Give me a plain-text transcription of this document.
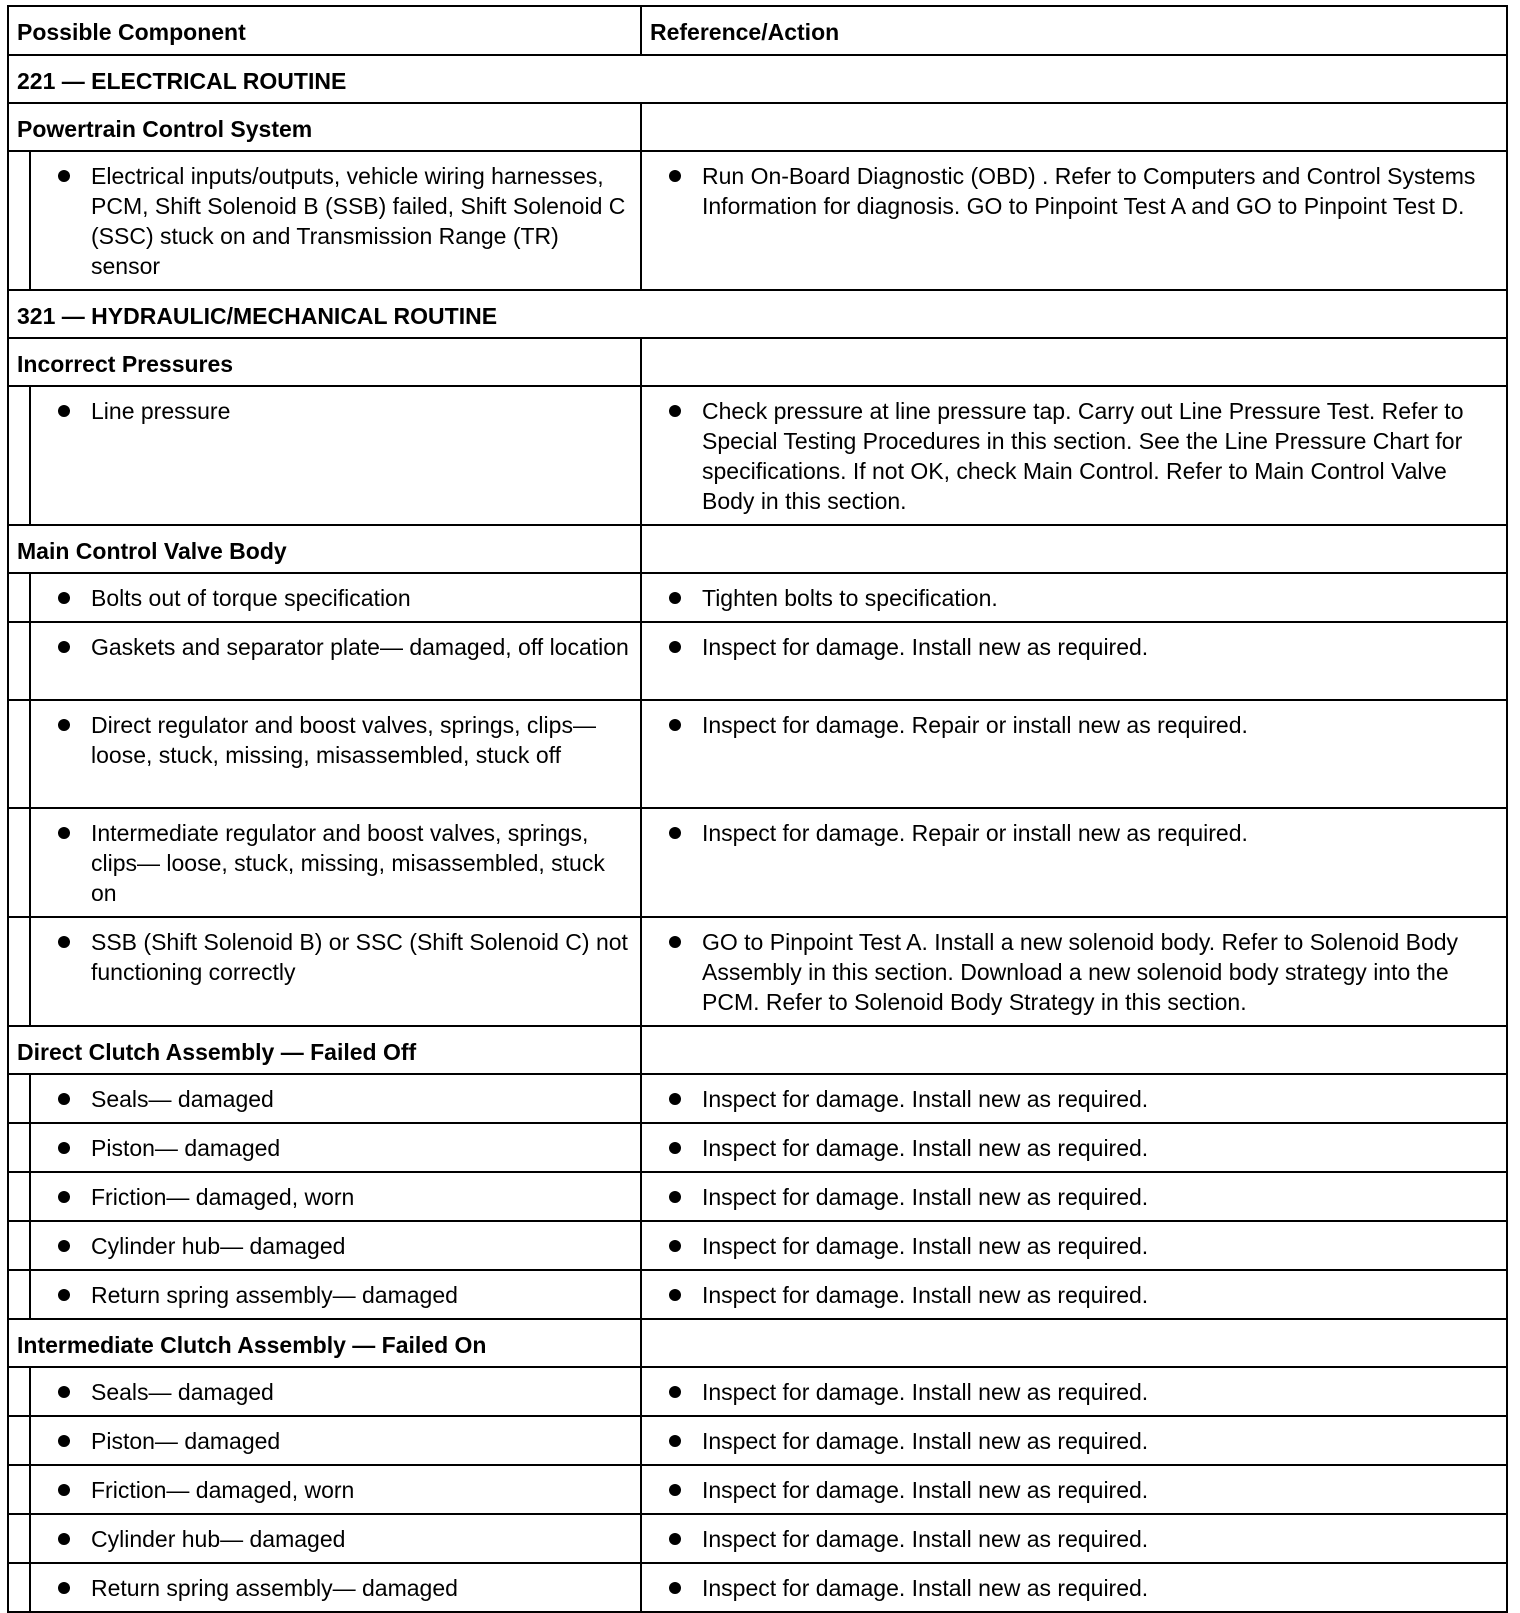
Possible Component		Reference/Action
221 — ELECTRICAL ROUTINE		
Powertrain Control System		

	Electrical inputs/outputs, vehicle wiring harnesses, PCM, Shift Solenoid B (SSB) failed, Shift Solenoid C (SSC) stuck on and Transmission Range (TR) sensor	Run On-Board Diagnostic (OBD) . Refer to Computers and Control Systems Information for diagnosis. GO to Pinpoint Test A and GO to Pinpoint Test D.

321 — HYDRAULIC/MECHANICAL ROUTINE		
Incorrect Pressures		

	Line pressure	Check pressure at line pressure tap. Carry out Line Pressure Test. Refer to Special Testing Procedures in this section. See the Line Pressure Chart for specifications. If not OK, check Main Control. Refer to Main Control Valve Body in this section.

Main Control Valve Body		

	Bolts out of torque specification	Tighten bolts to specification.

	Gaskets and separator plate— damaged, off location	Inspect for damage. Install new as required.

	Direct regulator and boost valves, springs, clips— loose, stuck, missing, misassembled, stuck off	Inspect for damage. Repair or install new as required.

	Intermediate regulator and boost valves, springs, clips— loose, stuck, missing, misassembled, stuck on	Inspect for damage. Repair or install new as required.

	SSB (Shift Solenoid B) or SSC (Shift Solenoid C) not functioning correctly	GO to Pinpoint Test A. Install a new solenoid body. Refer to Solenoid Body Assembly in this section. Download a new solenoid body strategy into the PCM. Refer to Solenoid Body Strategy in this section.

Direct Clutch Assembly — Failed Off		

	Seals— damaged	Inspect for damage. Install new as required.

	Piston— damaged	Inspect for damage. Install new as required.

	Friction— damaged, worn	Inspect for damage. Install new as required.

	Cylinder hub— damaged	Inspect for damage. Install new as required.

	Return spring assembly— damaged	Inspect for damage. Install new as required.

Intermediate Clutch Assembly — Failed On		

	Seals— damaged	Inspect for damage. Install new as required.

	Piston— damaged	Inspect for damage. Install new as required.

	Friction— damaged, worn	Inspect for damage. Install new as required.

	Cylinder hub— damaged	Inspect for damage. Install new as required.

	Return spring assembly— damaged	Inspect for damage. Install new as required.
